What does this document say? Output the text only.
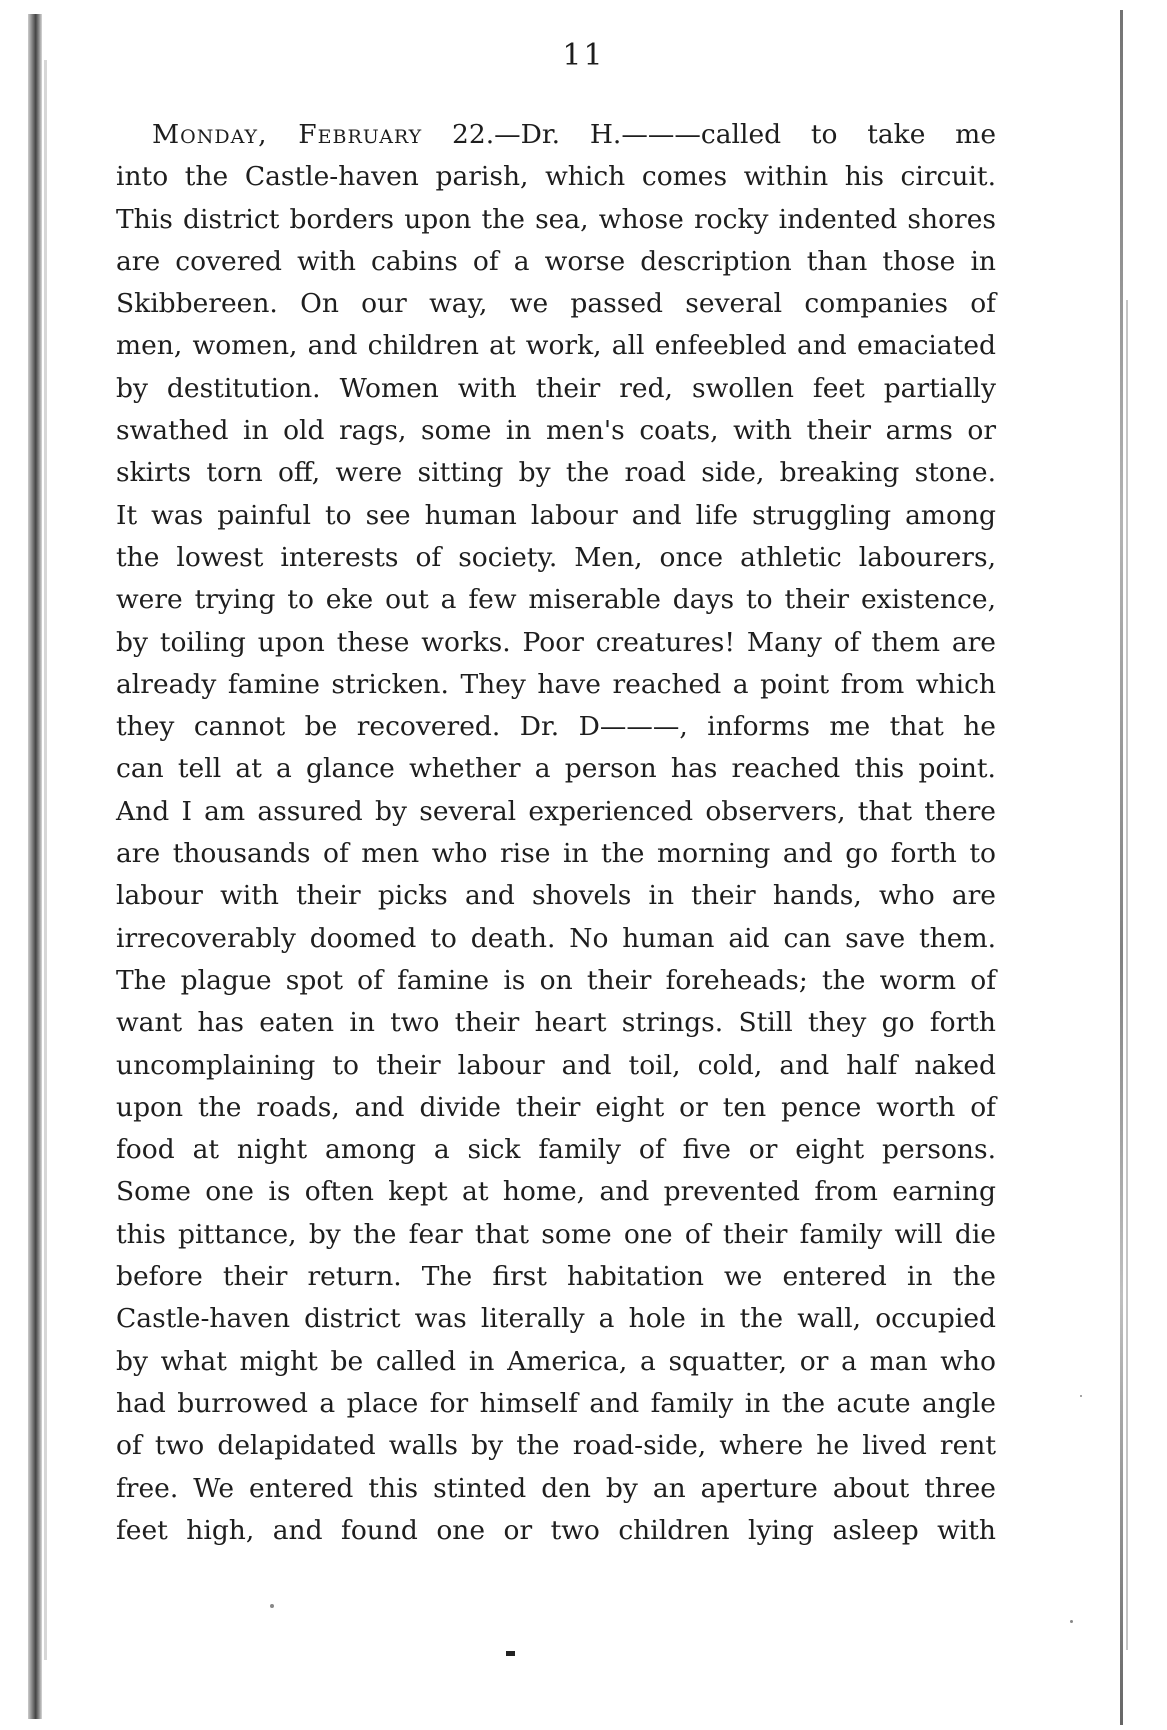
11
Monday, February 22.—Dr. H.———called to take me
into the Castle-haven parish, which comes within his circuit.
This district borders upon the sea, whose rocky indented shores
are covered with cabins of a worse description than those in
Skibbereen. On our way, we passed several companies of
men, women, and children at work, all enfeebled and emaciated
by destitution. Women with their red, swollen feet partially
swathed in old rags, some in men's coats, with their arms or
skirts torn off, were sitting by the road side, breaking stone.
It was painful to see human labour and life struggling among
the lowest interests of society. Men, once athletic labourers,
were trying to eke out a few miserable days to their existence,
by toiling upon these works. Poor creatures! Many of them are
already famine stricken. They have reached a point from which
they cannot be recovered. Dr. D———, informs me that he
can tell at a glance whether a person has reached this point.
And I am assured by several experienced observers, that there
are thousands of men who rise in the morning and go forth to
labour with their picks and shovels in their hands, who are
irrecoverably doomed to death. No human aid can save them.
The plague spot of famine is on their foreheads; the worm of
want has eaten in two their heart strings. Still they go forth
uncomplaining to their labour and toil, cold, and half naked
upon the roads, and divide their eight or ten pence worth of
food at night among a sick family of five or eight persons.
Some one is often kept at home, and prevented from earning
this pittance, by the fear that some one of their family will die
before their return. The first habitation we entered in the
Castle-haven district was literally a hole in the wall, occupied
by what might be called in America, a squatter, or a man who
had burrowed a place for himself and family in the acute angle
of two delapidated walls by the road-side, where he lived rent
free. We entered this stinted den by an aperture about three
feet high, and found one or two children lying asleep with
